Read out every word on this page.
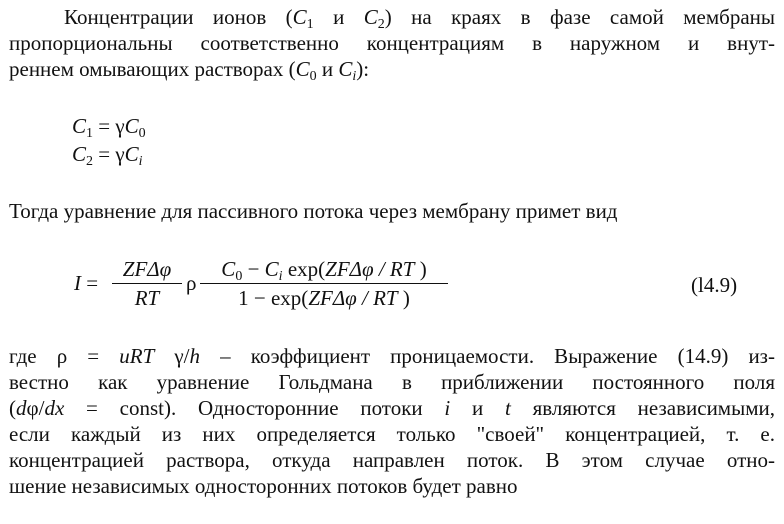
Концентрации ионов ($C_1$ и $C_2$) на краях в фазе самой мембраны
пропорциональны соответственно концентрациям в наружном и внут-
реннем омывающих растворах ($C_0$ и Ci):
$C_1 = \gamma C_0$
$C_2 = \gamma Ci$
Тогда уравнение для пассивного потока через мембрану примет вид
I =
ZFΔφ
RT
ρ
$C_0 - Ci$ exp(ZFΔφ / RT )
1 − exp(ZFΔφ / RT )
(l4.9)
где ρ = uRT γ/h – коэффициент проницаемости. Выражение (14.9) из-
вестно как уравнение Гольдмана в приближении постоянного поля
(dφ/dx = const). Односторонние потоки i и t являются независимыми,
если каждый из них определяется только "своей" концентрацией, т. е.
концентрацией раствора, откуда направлен поток. В этом случае отно-
шение независимых односторонних потоков будет равно
